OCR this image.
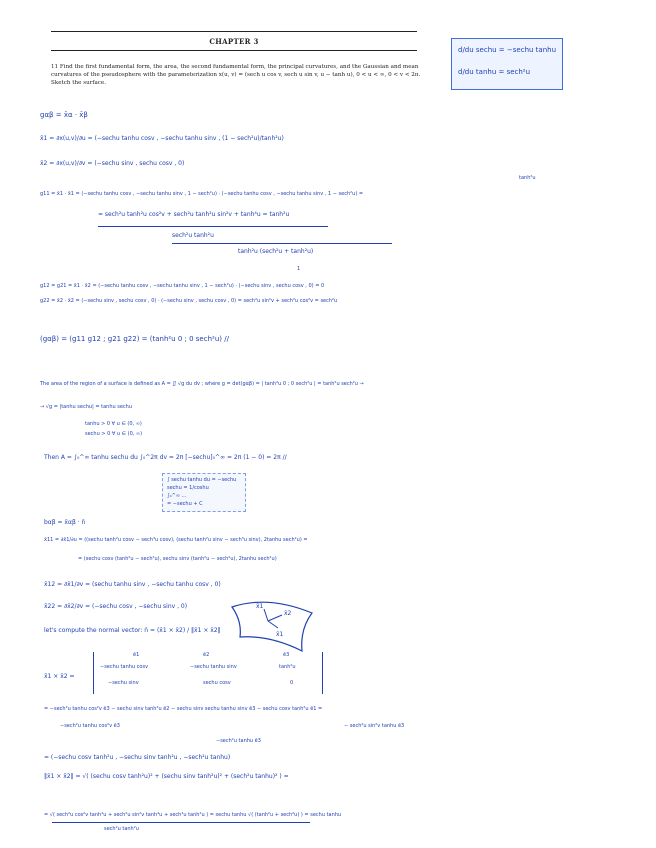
CHAPTER 3
11 Find the first fundamental form, the area, the second fundamental form, the principal curvatures, and the Gaussian and mean curvatures of the pseudosphere with the parameterization x(u, v) = (sech u cos v, sech u sin v, u − tanh u), 0 < u < ∞, 0 < v < 2π. Sketch the surface.
d/du sechu = −sechu tanhu
d/du tanhu = sech²u
gαβ = x̄α · x̄β
x̄1 = ∂x(u,v)/∂u = (−sechu tanhu cosv , −sechu tanhu sinv , (1 − sech²u)/tanh²u)
x̄2 = ∂x(u,v)/∂v = (−sechu sinv , sechu cosv , 0)
tanh²u
g11 = x̄1 · x̄1 = (−sechu tanhu cosv , −sechu tanhu sinv , 1 − sech²u) · (−sechu tanhu cosv , −sechu tanhu sinv , 1 − sech²u) =
= sech²u tanh²u cos²v + sech²u tanh²u sin²v + tanh⁴u = tanh²u
sech²u tanh²u
tanh²u (sech²u + tanh²u)
1
g12 = g21 = x̄1 · x̄2 = (−sechu tanhu cosv , −sechu tanhu sinv , 1 − sech²u) · (−sechu sinv , sechu cosv , 0) = 0
g22 = x̄2 · x̄2 = (−sechu sinv , sechu cosv , 0) · (−sechu sinv , sechu cosv , 0) = sech²u sin²v + sech²u cos²v = sech²u
(gαβ) = (g11 g12 ; g21 g22) = (tanh²u 0 ; 0 sech²u) //
The area of the region of a surface is defined as A = ∬ √g du dv ; where g = det(gαβ) = | tanh²u 0 ; 0 sech²u | = tanh²u sech²u →
→ √g = |tanhu sechu| = tanhu sechu
tanhu > 0 ∀ u ∈ (0, ∞)
sechu > 0 ∀ u ∈ (0, ∞)
Then A = ∫₀^∞ tanhu sechu du ∫₀^2π dv = 2π [−sechu]₀^∞ = 2π (1 − 0) = 2π //
∫ sechu tanhu du = −sechu
sechu = 1/coshu
∫₀^∞ ...
= −sechu + C
bαβ = x̄αβ · n̄
x̄11 = ∂x̄1/∂u = ((sechu tanh²u cosv − sech³u cosv), (sechu tanh²u sinv − sech³u sinv), 2tanhu sech²u) =
= (sechu cosv (tanh²u − sech²u), sechu sinv (tanh²u − sech²u), 2tanhu sech²u)
x̄12 = ∂x̄1/∂v = (sechu tanhu sinv , −sechu tanhu cosv , 0)
x̄22 = ∂x̄2/∂v = (−sechu cosv , −sechu sinv , 0)
let's compute the normal vector: n̄ = (x̄1 × x̄2) / ‖x̄1 × x̄2‖
x̄2
x̄1
x̄1
x̄1 × x̄2 =
ē1	ē2	ē3
−sechu tanhu cosv	−sechu tanhu sinv	tanh²u
−sechu sinv	sechu cosv	0
= −sech²u tanhu cos²v ē3 − sechu sinv tanh²u ē2 − sechu sinv sechu tanhu sinv ē3 − sechu cosv tanh²u ē1 =
−sech²u tanhu cos²v ē3	− sech²u sin²v tanhu ē3
−sech²u tanhu ē3
= (−sechu cosv tanh²u , −sechu sinv tanh²u , −sech²u tanhu)
‖x̄1 × x̄2‖ = √( (sechu cosv tanh²u)² + (sechu sinv tanh²u)² + (sech²u tanhu)² ) =
= √( sech²u cos²v tanh⁴u + sech²u sin²v tanh⁴u + sech⁴u tanh²u ) = sechu tanhu √( (tanh²u + sech²u) ) = sechu tanhu
sech²u tanh²u
